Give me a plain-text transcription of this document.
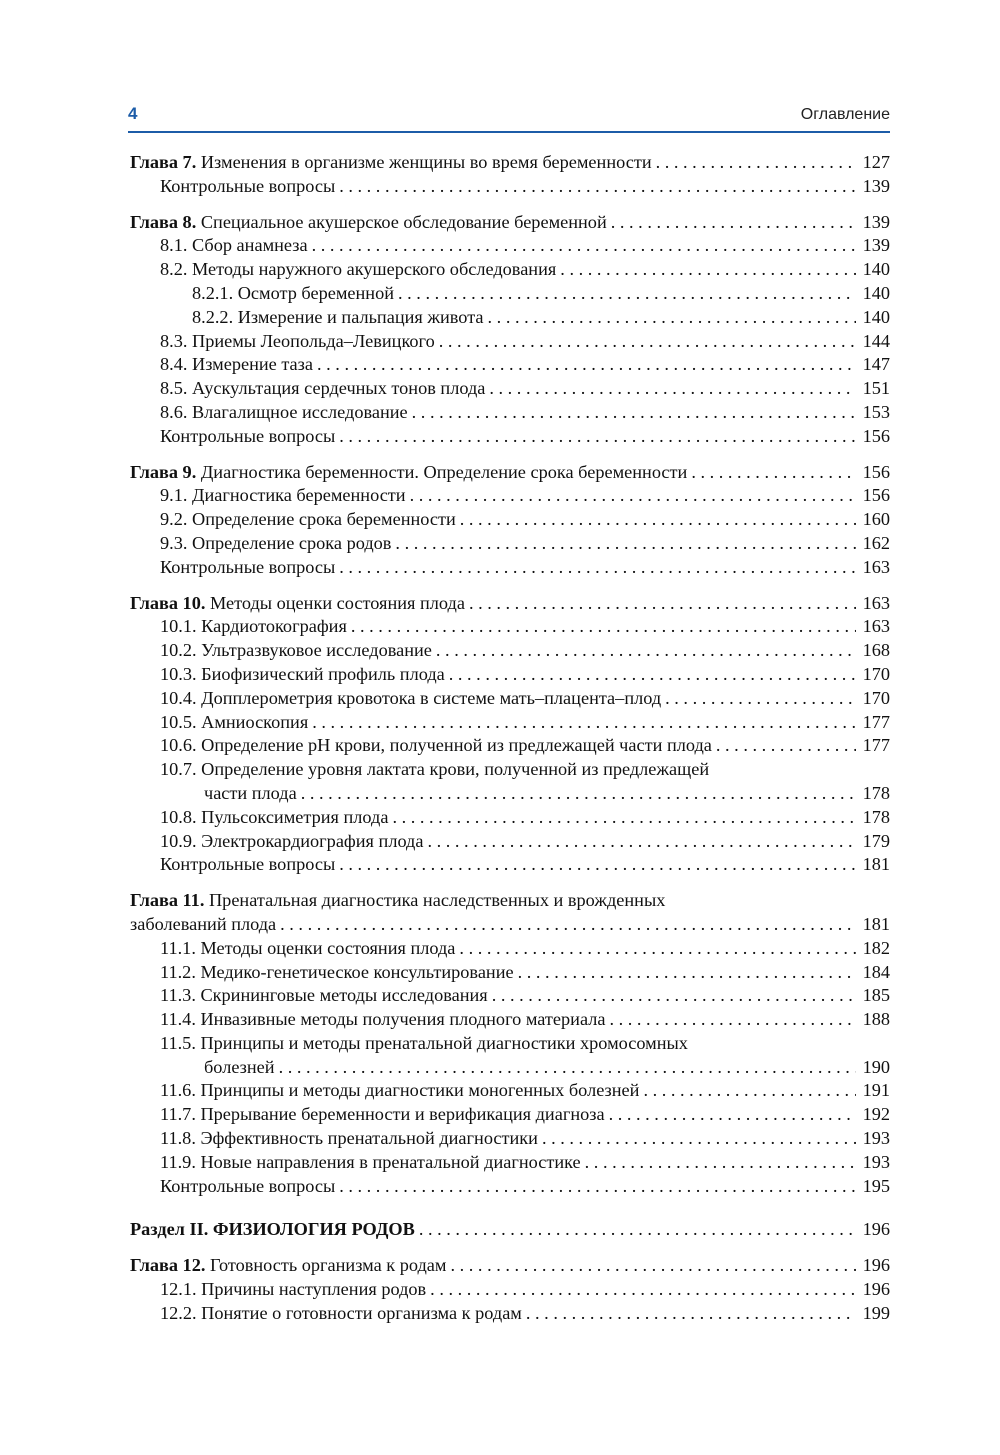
4	Оглавление
Глава 7. Изменения в организме женщины во время беременности . . .	127
Контрольные вопросы . . .	139
Глава 8. Специальное акушерское обследование беременной . . .	139
8.1. Сбор анамнеза . . .	139
8.2. Методы наружного акушерского обследования . . .	140
8.2.1. Осмотр беременной . . .	140
8.2.2. Измерение и пальпация живота . . .	140
8.3. Приемы Леопольда–Левицкого . . .	144
8.4. Измерение таза . . .	147
8.5. Аускультация сердечных тонов плода . . .	151
8.6. Влагалищное исследование . . .	153
Контрольные вопросы . . .	156
Глава 9. Диагностика беременности. Определение срока беременности . . .	156
9.1. Диагностика беременности . . .	156
9.2. Определение срока беременности . . .	160
9.3. Определение срока родов . . .	162
Контрольные вопросы . . .	163
Глава 10. Методы оценки состояния плода . . .	163
10.1. Кардиотокография . . .	163
10.2. Ультразвуковое исследование . . .	168
10.3. Биофизический профиль плода . . .	170
10.4. Допплерометрия кровотока в системе мать–плацента–плод . . .	170
10.5. Амниоскопия . . .	177
10.6. Определение pH крови, полученной из предлежащей части плода . . .	177
10.7. Определение уровня лактата крови, полученной из предлежащей
части плода . . .	178
10.8. Пульсоксиметрия плода . . .	178
10.9. Электрокардиография плода . . .	179
Контрольные вопросы . . .	181
Глава 11. Пренатальная диагностика наследственных и врожденных
заболеваний плода . . .	181
11.1. Методы оценки состояния плода . . .	182
11.2. Медико-генетическое консультирование . . .	184
11.3. Скрининговые методы исследования . . .	185
11.4. Инвазивные методы получения плодного материала . . .	188
11.5. Принципы и методы пренатальной диагностики хромосомных
болезней . . .	190
11.6. Принципы и методы диагностики моногенных болезней . . .	191
11.7. Прерывание беременности и верификация диагноза . . .	192
11.8. Эффективность пренатальной диагностики . . .	193
11.9. Новые направления в пренатальной диагностике . . .	193
Контрольные вопросы . . .	195
Раздел II. ФИЗИОЛОГИЯ РОДОВ . . .	196
Глава 12. Готовность организма к родам . . .	196
12.1. Причины наступления родов . . .	196
12.2. Понятие о готовности организма к родам . . .	199
